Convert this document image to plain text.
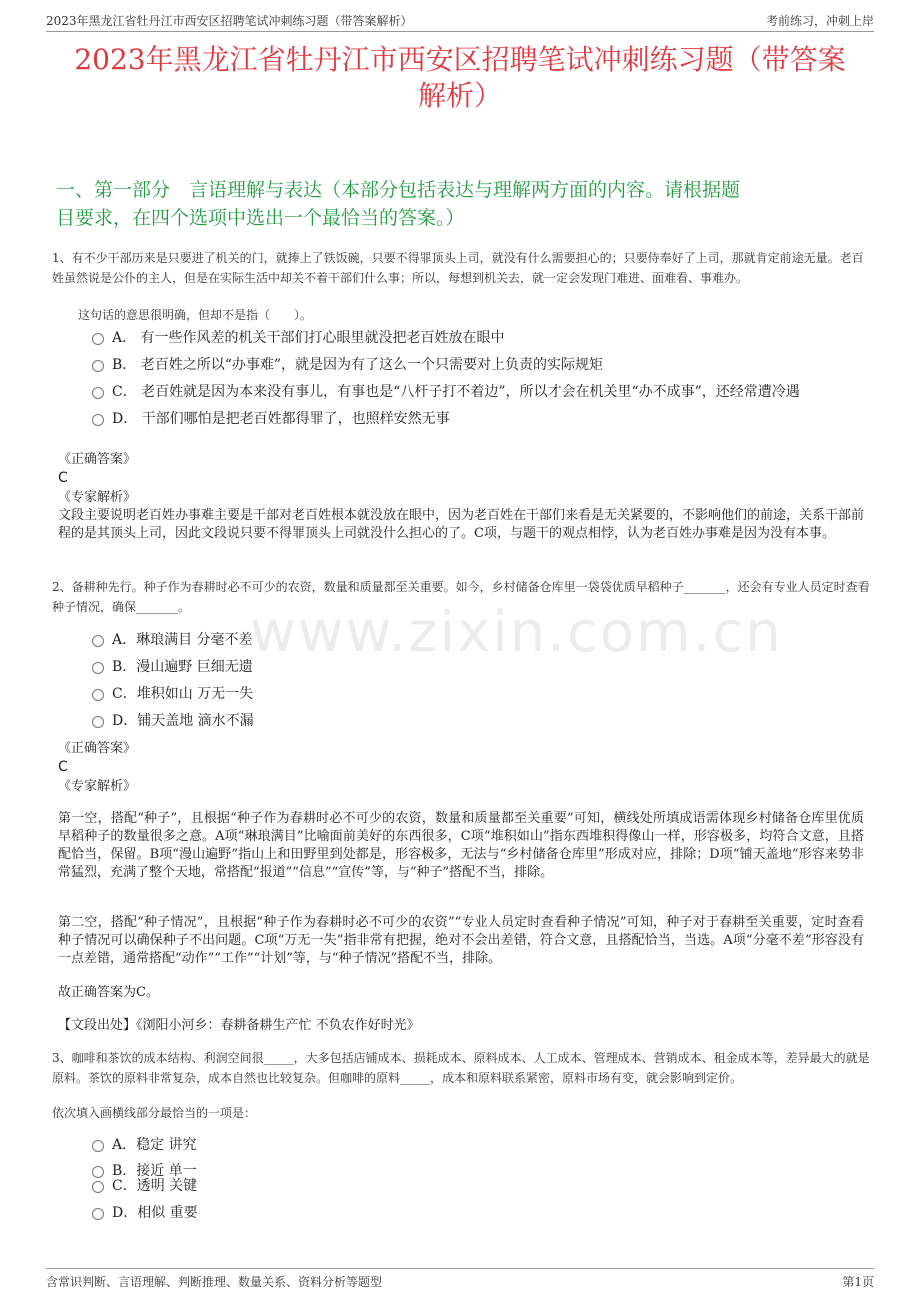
2023年黑龙江省牡丹江市西安区招聘笔试冲刺练习题（带答案解析）	考前练习，冲刺上岸
2023年黑龙江省牡丹江市西安区招聘笔试冲刺练习题（带答案
解析）
一、第一部分　言语理解与表达（本部分包括表达与理解两方面的内容。请根据题
目要求，在四个选项中选出一个最恰当的答案。）
www.zixin.com.cn
1、有不少干部历来是只要进了机关的门，就捧上了铁饭碗，只要不得罪顶头上司，就没有什么需要担心的；只要侍奉好了上司，那就肯定前途无量。老百姓虽然说是公仆的主人，但是在实际生活中却关不着干部们什么事；所以，每想到机关去，就一定会发现门难进、面难看、事难办。
这句话的意思很明确，但却不是指（　　）。
A． 有一些作风差的机关干部们打心眼里就没把老百姓放在眼中
B． 老百姓之所以“办事难”，就是因为有了这么一个只需要对上负责的实际规矩
C． 老百姓就是因为本来没有事儿，有事也是“八杆子打不着边”，所以才会在机关里“办不成事”，还经常遭冷遇
D． 干部们哪怕是把老百姓都得罪了，也照样安然无事
《正确答案》
C
《专家解析》
文段主要说明老百姓办事难主要是干部对老百姓根本就没放在眼中，因为老百姓在干部们来看是无关紧要的，不影响他们的前途，关系干部前程的是其顶头上司，因此文段说只要不得罪顶头上司就没什么担心的了。C项，与题干的观点相悖，认为老百姓办事难是因为没有本事。
2、备耕种先行。种子作为春耕时必不可少的农资，数量和质量都至关重要。如今，乡村储备仓库里一袋袋优质早稻种子_______，还会有专业人员定时查看种子情况，确保_______。
A．琳琅满目 分毫不差
B．漫山遍野 巨细无遗
C．堆积如山 万无一失
D．铺天盖地 滴水不漏
《正确答案》
C
《专家解析》
第一空，搭配“种子”，且根据“种子作为春耕时必不可少的农资，数量和质量都至关重要”可知，横线处所填成语需体现乡村储备仓库里优质早稻种子的数量很多之意。A项“琳琅满目”比喻面前美好的东西很多，C项“堆积如山”指东西堆积得像山一样，形容极多，均符合文意，且搭配恰当，保留。B项“漫山遍野”指山上和田野里到处都是，形容极多，无法与“乡村储备仓库里”形成对应，排除；D项“铺天盖地”形容来势非常猛烈，充满了整个天地，常搭配“报道”“信息”“宣传”等，与“种子”搭配不当，排除。
第二空，搭配“种子情况”，且根据“种子作为春耕时必不可少的农资”“专业人员定时查看种子情况”可知，种子对于春耕至关重要，定时查看种子情况可以确保种子不出问题。C项“万无一失”指非常有把握，绝对不会出差错，符合文意，且搭配恰当，当选。A项“分毫不差”形容没有一点差错，通常搭配“动作”“工作”“计划”等，与“种子情况”搭配不当，排除。
故正确答案为C。
【文段出处】《浏阳小河乡：春耕备耕生产忙 不负农作好时光》
3、咖啡和茶饮的成本结构、利润空间很_____，大多包括店铺成本、损耗成本、原料成本、人工成本、管理成本、营销成本、租金成本等，差异最大的就是原料。茶饮的原料非常复杂，成本自然也比较复杂。但咖啡的原料_____，成本和原料联系紧密，原料市场有变，就会影响到定价。
依次填入画横线部分最恰当的一项是：
A．稳定 讲究
B．接近 单一
C．透明 关键
D．相似 重要
含常识判断、言语理解、判断推理、数量关系、资料分析等题型	第1页
